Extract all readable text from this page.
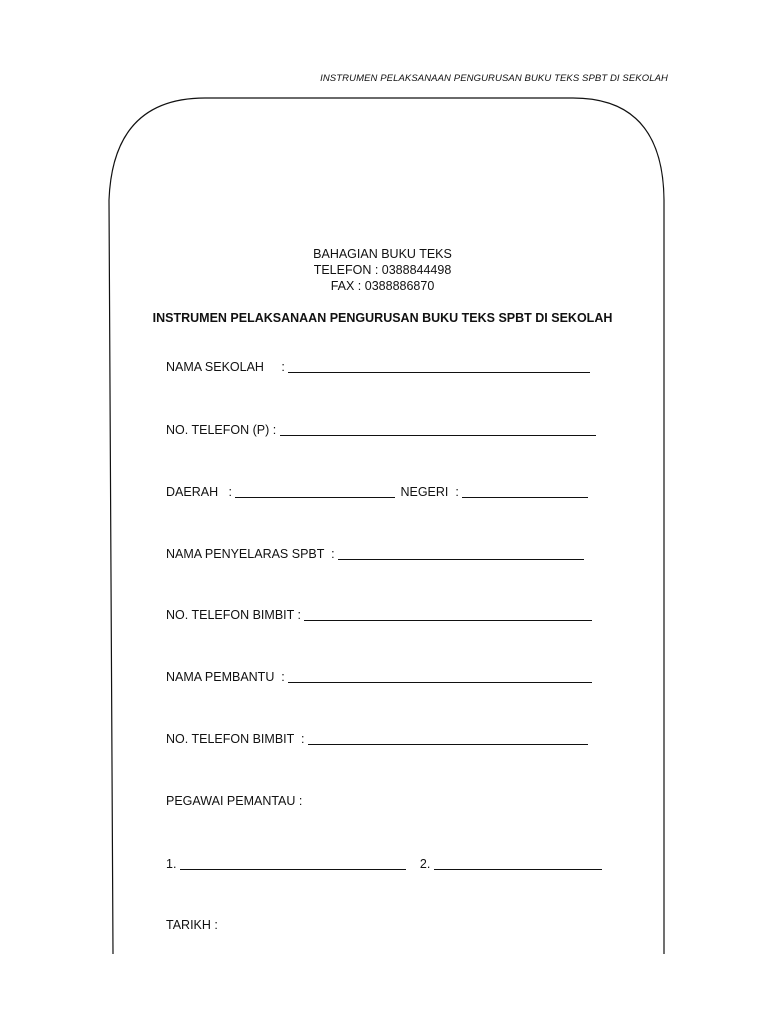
INSTRUMEN PELAKSANAAN PENGURUSAN BUKU TEKS SPBT DI SEKOLAH
BAHAGIAN BUKU TEKS
TELEFON : 0388844498
FAX : 0388886870
INSTRUMEN PELAKSANAAN PENGURUSAN BUKU TEKS SPBT DI SEKOLAH
NAMA SEKOLAH     :
NO. TELEFON (P) :
DAERAH   :	NEGERI  :
NAMA PENYELARAS SPBT  :
NO. TELEFON BIMBIT :
NAMA PEMBANTU  :
NO. TELEFON BIMBIT  :
PEGAWAI PEMANTAU :
1.	2.
TARIKH :
